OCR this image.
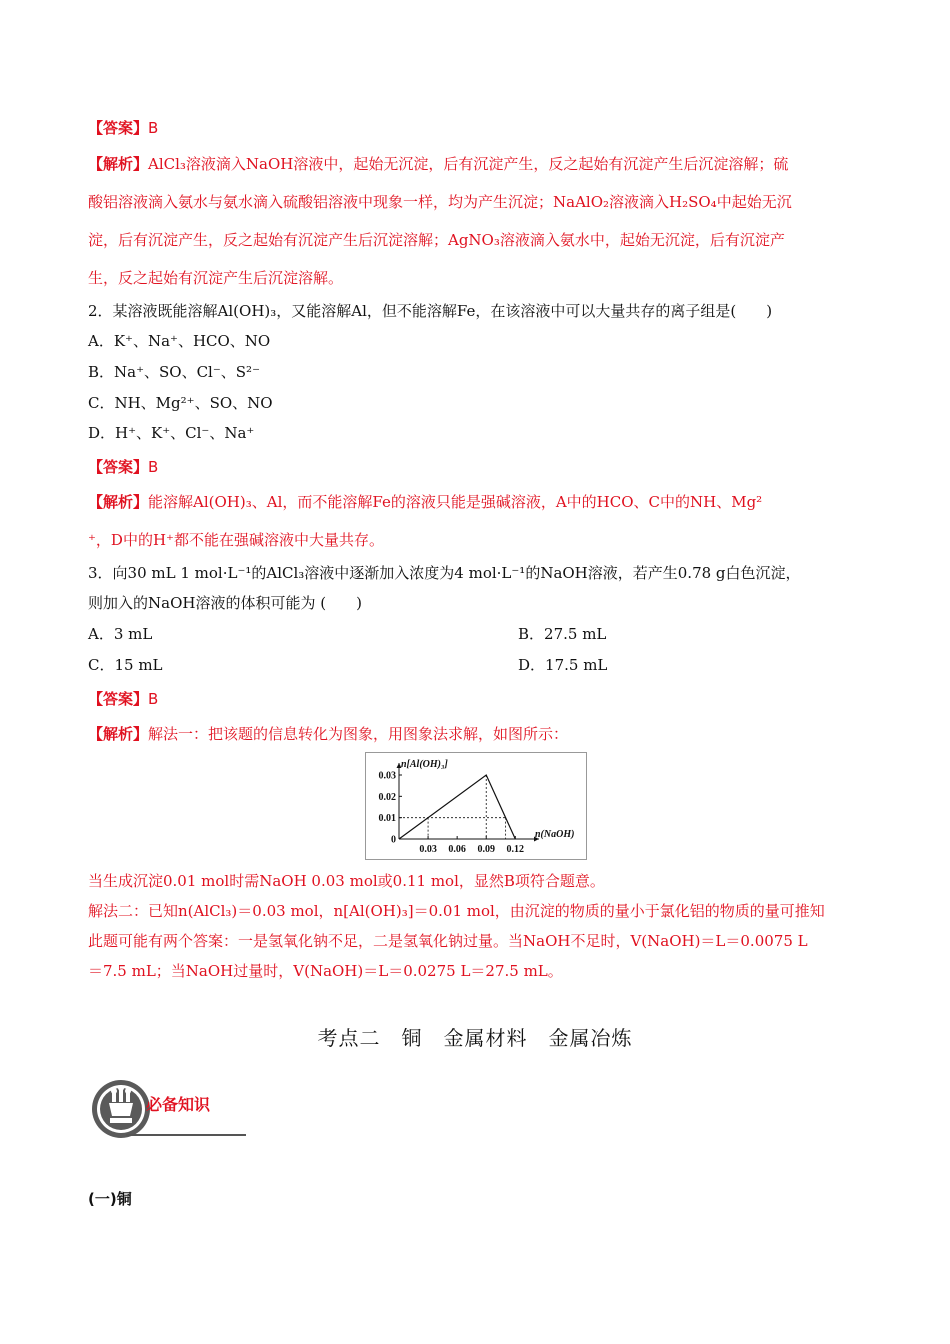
【答案】B
【解析】AlCl₃溶液滴入NaOH溶液中，起始无沉淀，后有沉淀产生，反之起始有沉淀产生后沉淀溶解；硫
酸铝溶液滴入氨水与氨水滴入硫酸铝溶液中现象一样，均为产生沉淀；NaAlO₂溶液滴入H₂SO₄中起始无沉
淀，后有沉淀产生，反之起始有沉淀产生后沉淀溶解；AgNO₃溶液滴入氨水中，起始无沉淀，后有沉淀产
生，反之起始有沉淀产生后沉淀溶解。
2．某溶液既能溶解Al(OH)₃，又能溶解Al，但不能溶解Fe，在该溶液中可以大量共存的离子组是(　　)
A．K⁺、Na⁺、HCO、NO
B．Na⁺、SO、Cl⁻、S²⁻
C．NH、Mg²⁺、SO、NO
D．H⁺、K⁺、Cl⁻、Na⁺
【答案】B
【解析】能溶解Al(OH)₃、Al，而不能溶解Fe的溶液只能是强碱溶液，A中的HCO、C中的NH、Mg²
⁺，D中的H⁺都不能在强碱溶液中大量共存。
3．向30 mL 1 mol·L⁻¹的AlCl₃溶液中逐渐加入浓度为4 mol·L⁻¹的NaOH溶液，若产生0.78 g白色沉淀，
则加入的NaOH溶液的体积可能为 (　　)
A．3 mL	B．27.5 mL
C．15 mL	D．17.5 mL
【答案】B
【解析】解法一：把该题的信息转化为图象，用图象法求解，如图所示：
0.03 0.06 0.09 0.12
0
0.01
0.02
0.03
n[Al(OH)₃]
n(NaOH)
当生成沉淀0.01 mol时需NaOH 0.03 mol或0.11 mol，显然B项符合题意。
解法二：已知n(AlCl₃)＝0.03 mol，n[Al(OH)₃]＝0.01 mol，由沉淀的物质的量小于氯化铝的物质的量可推知
此题可能有两个答案：一是氢氧化钠不足，二是氢氧化钠过量。当NaOH不足时，V(NaOH)＝L＝0.0075 L
＝7.5 mL；当NaOH过量时，V(NaOH)＝L＝0.0275 L＝27.5 mL。
考点二　铜　金属材料　金属冶炼
必备知识
(一)铜
